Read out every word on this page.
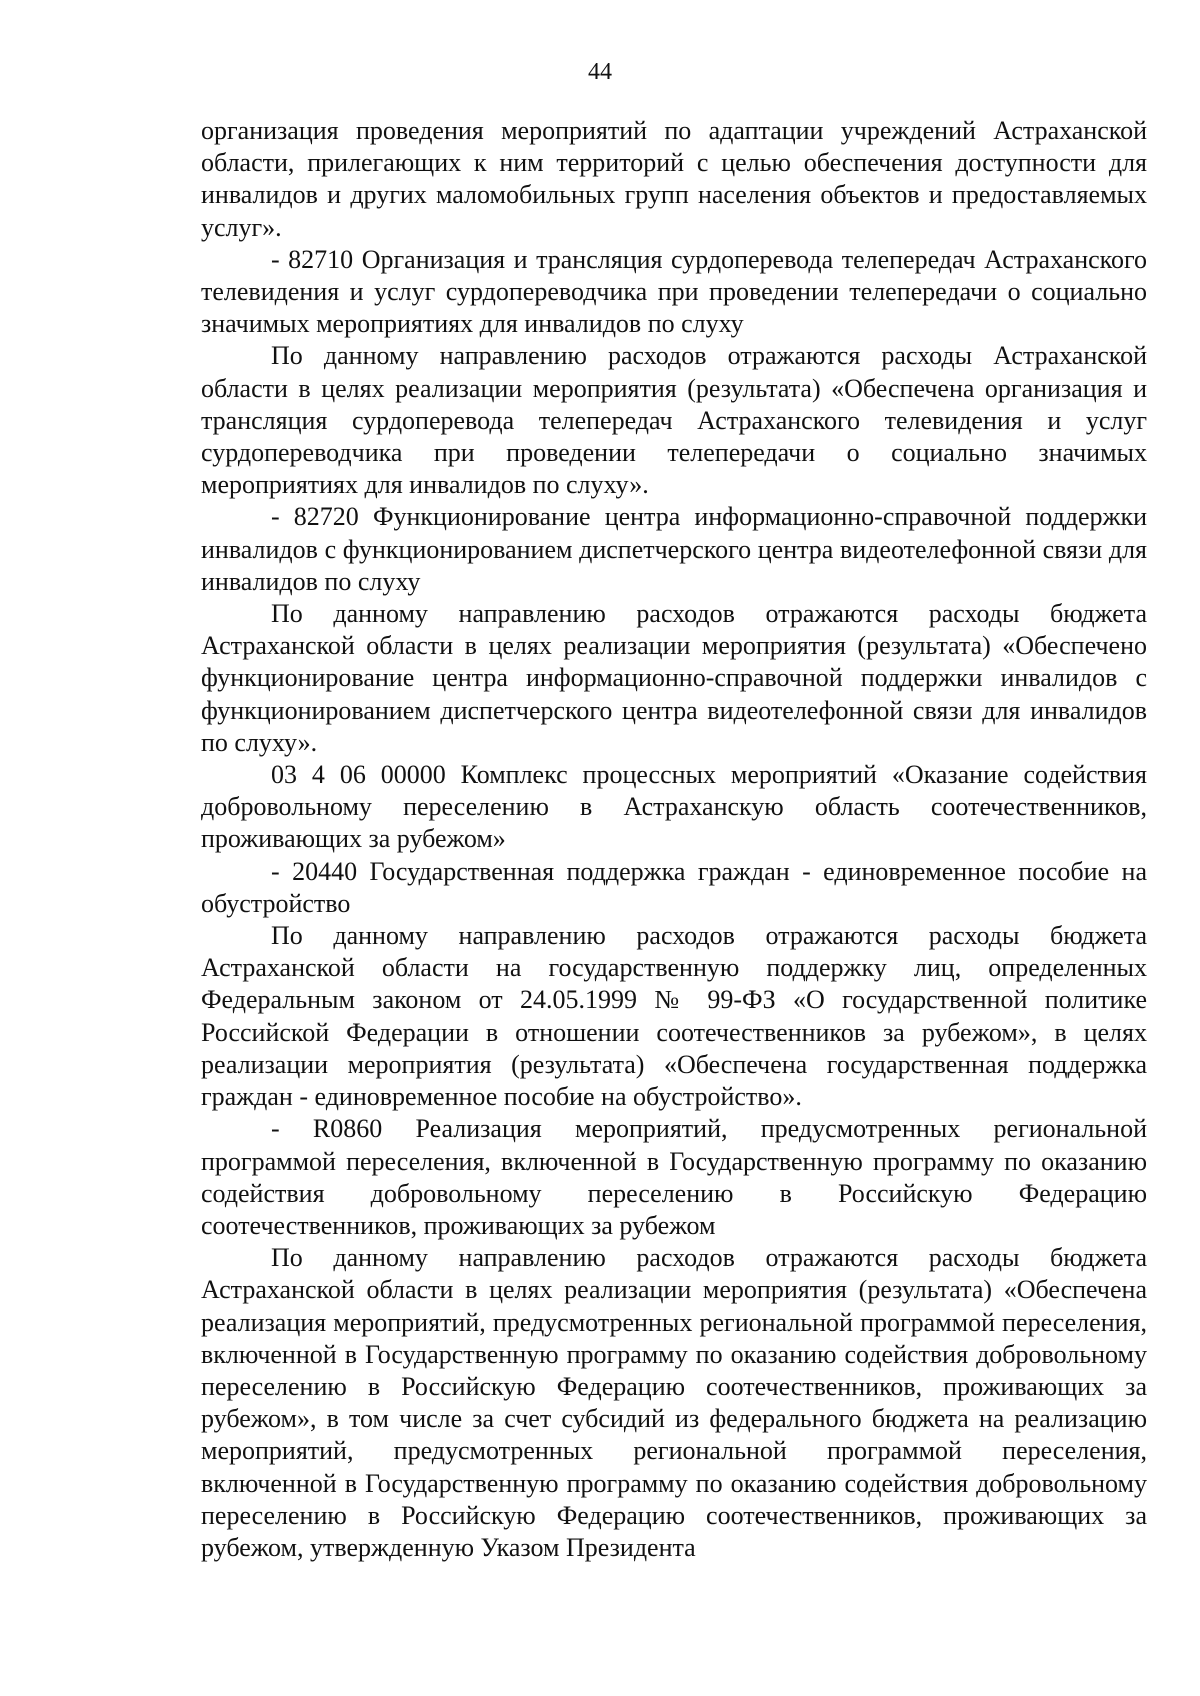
44

организация проведения мероприятий по адаптации учреждений Астраханской области, прилегающих к ним территорий с целью обеспечения доступности для инвалидов и других маломобильных групп населения объектов и предоставляемых услуг».

- 82710 Организация и трансляция сурдоперевода телепередач Астраханского телевидения и услуг сурдопереводчика при проведении телепередачи о социально значимых мероприятиях для инвалидов по слуху

По данному направлению расходов отражаются расходы Астраханской области в целях реализации мероприятия (результата) «Обеспечена организация и трансляция сурдоперевода телепередач Астраханского телевидения и услуг сурдопереводчика при проведении телепередачи о социально значимых мероприятиях для инвалидов по слуху».

- 82720 Функционирование центра информационно-справочной поддержки инвалидов с функционированием диспетчерского центра видеотелефонной связи для инвалидов по слуху

По данному направлению расходов отражаются расходы бюджета Астраханской области в целях реализации мероприятия (результата) «Обеспечено функционирование центра информационно-справочной поддержки инвалидов с функционированием диспетчерского центра видеотелефонной связи для инвалидов по слуху».

03 4 06 00000 Комплекс процессных мероприятий «Оказание содействия добровольному переселению в Астраханскую область соотечественников, проживающих за рубежом»

- 20440 Государственная поддержка граждан - единовременное пособие на обустройство

По данному направлению расходов отражаются расходы бюджета Астраханской области на государственную поддержку лиц, определенных Федеральным законом от 24.05.1999 № 99-ФЗ «О государственной политике Российской Федерации в отношении соотечественников за рубежом», в целях реализации мероприятия (результата) «Обеспечена государственная поддержка граждан - единовременное пособие на обустройство».

- R0860 Реализация мероприятий, предусмотренных региональной программой переселения, включенной в Государственную программу по оказанию содействия добровольному переселению в Российскую Федерацию соотечественников, проживающих за рубежом

По данному направлению расходов отражаются расходы бюджета Астраханской области в целях реализации мероприятия (результата) «Обеспечена реализация мероприятий, предусмотренных региональной программой переселения, включенной в Государственную программу по оказанию содействия добровольному переселению в Российскую Федерацию соотечественников, проживающих за рубежом», в том числе за счет субсидий из федерального бюджета на реализацию мероприятий, предусмотренных региональной программой переселения, включенной в Государственную программу по оказанию содействия добровольному переселению в Российскую Федерацию соотечественников, проживающих за рубежом, утвержденную Указом Президента
